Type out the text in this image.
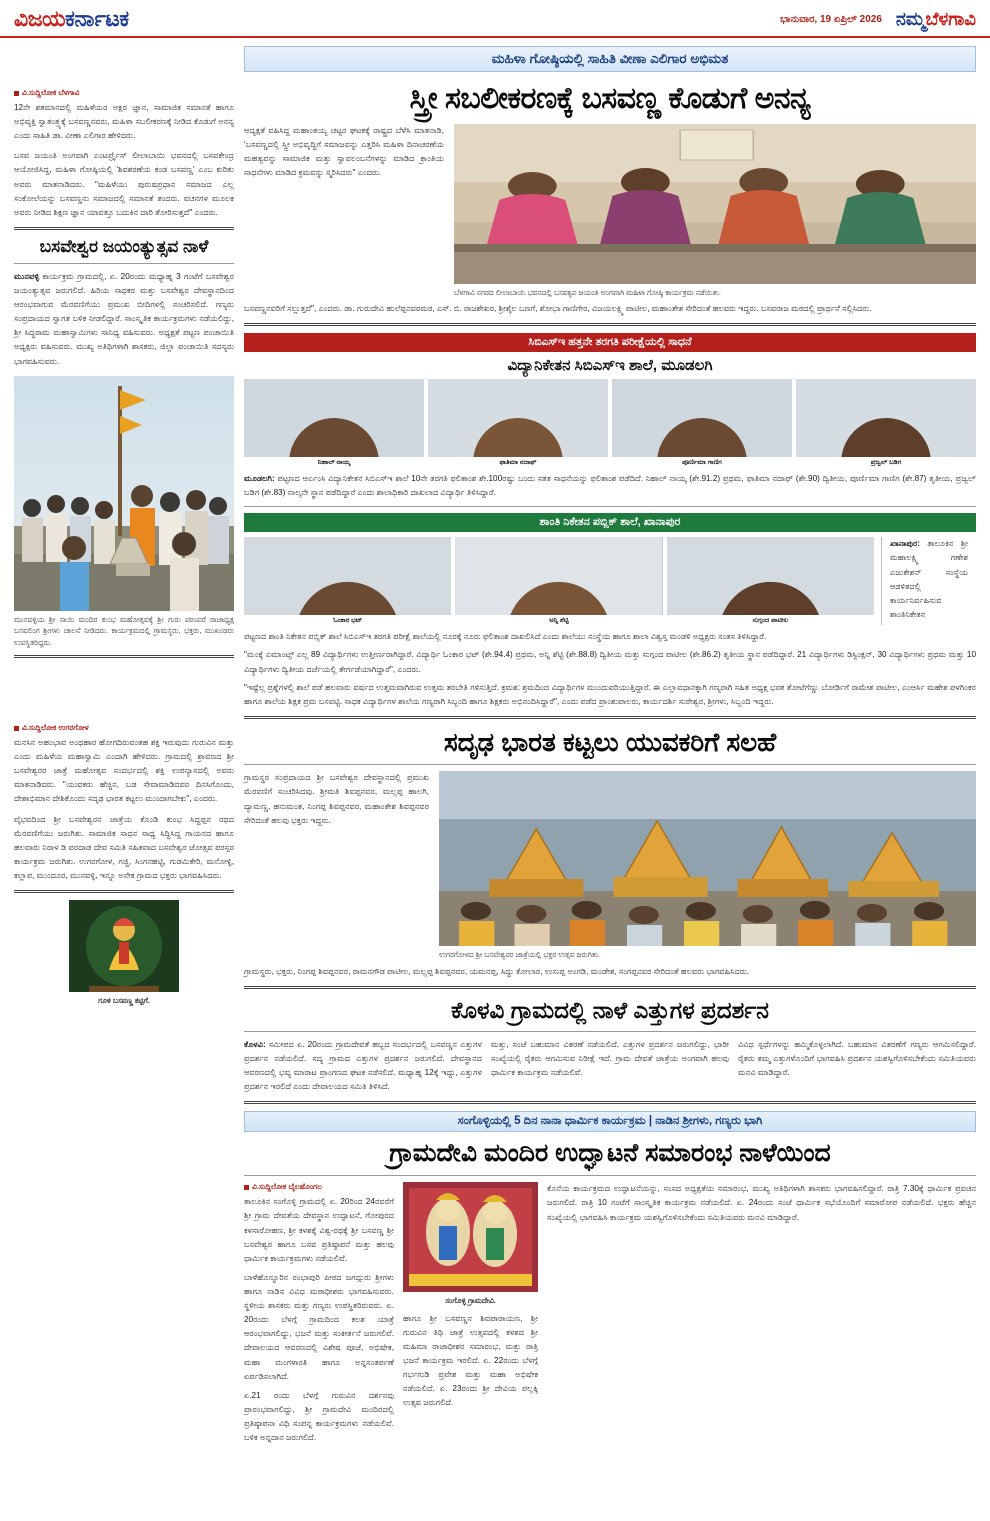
ವಿಜಯಕರ್ನಾಟಕ	ಭಾನುವಾರ, 19 ಏಪ್ರಿಲ್ 2026 ನಮ್ಮಬೆಳಗಾವಿ
ವಿ.ಸುದ್ದಿಲೋಕ ಬೆಳಗಾವಿ
12ನೇ ಶತಮಾನದಲ್ಲಿ ಮಹಿಳೆಯರ ಅಕ್ಷರ ಜ್ಞಾನ, ಸಾಮಾಜಿಕ ಸಮಾನತೆ ಹಾಗೂ ಅಭಿವ್ಯಕ್ತಿ ಸ್ವಾತಂತ್ರ್ಯಕ್ಕೆ ಬಸವಣ್ಣನವರು, ಮಹಿಳಾ ಸಬಲೀಕರಣಕ್ಕೆ ನೀಡಿದ ಕೊಡುಗೆ ಅನನ್ಯ ಎಂದು ಸಾಹಿತಿ ಡಾ. ವೀಣಾ ಎಲಿಗಾರ ಹೇಳಿದರು.
ಬಸವ ಜಯಂತಿ ಅಂಗವಾಗಿ ಎಂಟರ್ಪ್ರೈಸ್ ಲೀಲಾಬಾಯಿ ಭವನದಲ್ಲಿ ಬಸವಕೇಂದ್ರ ಆಯೋಜಿಸಿದ್ದ, ಮಹಿಳಾ ಗೋಷ್ಠಿಯಲ್ಲಿ 'ಶಿವಶರಣೆಯ ಕಂಡ ಬಸವಣ್ಣ' ಎಂಬ ಕುರಿತು ಅವರು ಮಾತನಾಡಿದರು. "ಮಹಿಳೆಯು ಪುರುಷಪ್ರಧಾನ ಸಮಾಜದ ಎಲ್ಲ ಸಂಕೋಲೆಯನ್ನು ಬಸವಣ್ಣನು ಸಮಾಜದಲ್ಲಿ ಸಮಾನತೆ ತಂದರು. ವಚನಗಳ ಮೂಲಕ ಅವರು ನೀಡಿದ ಶಿಕ್ಷಣ ಜ್ಞಾನ ಯಾವತ್ತೂ ಬದುಕಿನ ದಾರಿ ತೋರಿಸುತ್ತದೆ" ಎಂದರು.
ಬಸವೇಶ್ವರ ಜಯಂತ್ಯುತ್ಸವ ನಾಳೆ
ಮುನವಳ್ಳಿ ಕಾರ್ಯಕ್ರಮ ಗ್ರಾಮದಲ್ಲಿ, ಏ. 20ರಂದು ಮಧ್ಯಾಹ್ನ 3 ಗಂಟೆಗೆ ಬಸವೇಶ್ವರ ಜಯಂತ್ಯುತ್ಸವ ಜರುಗಲಿದೆ. ಹಿರಿಯ ಸಾಧಕರ ಮತ್ತು ಬಸವೇಶ್ವರ ದೇವಸ್ಥಾನದಿಂದ ಆರಂಭವಾಗುವ ಮೆರವಣಿಗೆಯು ಪ್ರಮುಖ ಬೀದಿಗಳಲ್ಲಿ ಸಂಚರಿಸಲಿದೆ. ಗಣ್ಯರು ಸಂಪ್ರದಾಯದ ಸ್ವಾಗತ ಬಳಿಕ ನೀಡಲಿದ್ದಾರೆ. ಸಾಂಸ್ಕೃತಿಕ ಕಾರ್ಯಕ್ರಮಗಳು ನಡೆಯಲಿದ್ದು, ಶ್ರೀ ಸಿದ್ಧರಾಮ ಮಹಾಸ್ವಾಮಿಗಳು ಸಾನಿಧ್ಯ ವಹಿಸುವರು. ಅಧ್ಯಕ್ಷತೆ ಪಟ್ಟಣ ಪಂಚಾಯಿತಿ ಅಧ್ಯಕ್ಷರು ವಹಿಸುವರು. ಮುಖ್ಯ ಅತಿಥಿಗಳಾಗಿ ಶಾಸಕರು, ಜಿಲ್ಲಾ ಪಂಚಾಯಿತಿ ಸದಸ್ಯರು ಭಾಗವಹಿಸುವರು.
ಮುನವಳ್ಳಿಯ ಶ್ರೀ ಸಾಯಿ ಮಂದಿರ ಕುಂಭ ಮಹೋತ್ಸವಕ್ಕೆ ಶ್ರೀ ಗುರು ಪರಂಪರೆ ರಾಜಾಧ್ಯಕ್ಷ ಬಸವಲಿಂಗ ಶ್ರೀಗಳು ಚಾಲನೆ ನೀಡಿದರು. ಕಾರ್ಯಕ್ರಮದಲ್ಲಿ ಗ್ರಾಮಸ್ಥರು, ಭಕ್ತರು, ಮುಖಂಡರು ಉಪಸ್ಥಿತರಿದ್ದರು.
ವಿ.ಸುದ್ದಿಲೋಕ ಉಗರಗೋಳ
ಮನಸಿನ ಅಹಂಭಾವ ಅಂಥಹಾರ ಹೋಗದಿರುವಂತಹ ಶಕ್ತಿ ಇರುವುದು ಗುರುವಿನ ಮತ್ತು ಎಂದು ಮಹಿಳೆಯ ಮಹಾಸ್ವಾಮಿ ಎಂದಾಗಿ ಹೇಳಿದರು. ಗ್ರಾಮದಲ್ಲಿ ಶ್ರಾವಣದ ಶ್ರೀ ಬಸವೇಶ್ವರರ ಜಾತ್ರೆ ಮಹೋತ್ಸವ ಸಂದರ್ಭದಲ್ಲಿ ಶಕ್ತಿ ಉಪನ್ಯಾಸದಲ್ಲಿ ಅವರು ಮಾತನಾಡಿದರು. "ಯುವಕರು ಹೆಚ್ಚಿನ, ಬಡ ಸೇವಾಮಾಡಿದವರ ದಿನಸಿಗೊಂದು, ದೇಶಾಭಿಮಾನ ದೇಶಿಕೊಂದು ಸದೃಢ ಭಾರತ ಕಟ್ಟಲು ಮುಂದಾಗಬೇಕು", ಎಂದರು.
ವೈಭವದಿಂದ ಶ್ರೀ ಬಸವೇಶ್ವರನ ಜಾತ್ರೆಯ ಕೊಂಡಿ ಕುಂಭ ಸಿದ್ಧಪ್ಪನ ರಥದ ಮೆರವಣಿಗೆಯು ಜರುಗಿತು. ಸಾಮಾಜಿಕ ಸಾಧನ ಸಾಧ್ಯ ಸಿದ್ಧಿಸಿದ್ದ ಗಾಯನದ ಹಾಗೂ ಹಲವಾರು ನಿರಾಳ ಡಿ ಪರದಾಡ ದೇವ ಸಮಿತಿ ಸಹಿತವಾದ ಬಸವೇಶ್ವರ ಜೋತ್ಸವ ಪರಸ್ಪರ ಕಾರ್ಯಕ್ರಮ ಜರುಗಿತು. ಉಗರಗೋಳ, ಗಜ್ಜಿ, ಸಿಂಗನಹಟ್ಟಿ, ಗುಡಮಿಕೇರಿ, ಮನೋಳ್ಳಿ, ಕಲ್ಲಾಪ, ಮುಂದೂರ, ಮುನವಳ್ಳಿ, ಇನ್ನೂ ಅನೇಕ ಗ್ರಾಮದ ಭಕ್ತರು ಭಾಗವಹಿಸಿದರು.
ಗೂಳಿ ಬಸವಣ್ಣ ಕಟ್ಟಿಗೆ.
ಮಹಿಳಾ ಗೋಷ್ಠಿಯಲ್ಲಿ ಸಾಹಿತಿ ವೀಣಾ ಎಲಿಗಾರ ಅಭಿಮತ
ಸ್ತ್ರೀ ಸಬಲೀಕರಣಕ್ಕೆ ಬಸವಣ್ಣ ಕೊಡುಗೆ ಅನನ್ಯ
ಆದ್ಯಕ್ಷತೆ ವಹಿಸಿದ್ದ ಮಹಾಂತಯ್ಯ ಚಟ್ಟರ ಘಟಕಕ್ಕೆ ರಾಷ್ಟ್ರದ ಬೆಳೆಸಿ ಮಾತನಾಡಿ, 'ಬಸವಣ್ಣದಲ್ಲಿ ಸ್ತ್ರೀ ಅಭಿವೃದ್ಧಿಗೆ ಸಮಾಜವನ್ನು ಎತ್ತರಿಸಿ ಮಹಿಳಾ ದಿನಾಚರಣೆಯ ಮಹತ್ವವನ್ನು ಸಾಮಾಜಿಕ ಮತ್ತು ಸ್ವಾವಲಂಬನೆಗಳನ್ನು ಮಾಡಿದ ಕ್ರಾಂತಿಯ ಸಾಧನೆಗಳು ಮಾಡಿದ ಕ್ರಮವನ್ನು ಸ್ಮರಿಸಿದರು" ಎಂದರು.
ಬೆಳಗಾವಿ ನಗರದ ಲೀಲಾಬಾಯಿ ಭವನದಲ್ಲಿ ಬಸವಕೃಪ ಜಯಂತಿ ಅಂಗವಾಗಿ ಮಹಿಳಾ ಗೋಷ್ಠಿ ಕಾರ್ಯಕ್ರಮ ನಡೆಯಿತು.
ಬಸವಣ್ಣನವರಿಗೆ ಸಲ್ಲುತ್ತದೆ", ಎಂದರು. ಡಾ. ಗುರುದೇವಿ ಹುಲೆಪ್ಪನವರಮಠ, ಎಸ್. ಬಿ. ರಾಜಶೇಖರ, ಶ್ರೀಶೈಲ ಬಣಗೆ, ಶೋಭಾ ಗಾಣಿಗೇರ, ವಿಜಯಲಕ್ಷ್ಮಿ ಪಾಟೀಲ, ಮಹಾಂತೇಶ ಸೇರಿದಂತೆ ಹಲವರು ಇದ್ದರು. ಬಸವರಾಜ ಮಠದಲ್ಲಿ ಪ್ರಾರ್ಥನೆ ಸಲ್ಲಿಸಿದರು.
ಸಿಬಿಎಸ್ಇ ಹತ್ತನೇ ತರಗತಿ ಪರೀಕ್ಷೆಯಲ್ಲಿ ಸಾಧನೆ
ವಿದ್ಯಾನಿಕೇತನ ಸಿಬಿಎಸ್ಇ ಶಾಲೆ, ಮೂಡಲಗಿ
ನಿಹಾಲ್ ನಾಯ್ಕ	ಫಾತಿಮಾ ನದಾಫ್	ಪೂರ್ಣಿಮಾ ಗಾಣಿಗ	ಪ್ರಜ್ವಲ್ ಬಡಿಗ
ಮೂಡಲಗಿ: ಪಟ್ಟಣದ ಆರ್ಎಂಸಿ ವಿದ್ಯಾನಿಕೇತನ ಸಿಬಿಎಸ್ಇ ಶಾಲೆ 10ನೇ ತರಗತಿ ಫಲಿತಾಂಶ ಶೇ.100ರಷ್ಟು ಬಂದು ಸತತ ಸಾಧನೆಯನ್ನು ಫಲಿತಾಂಶ ಪಡೆದಿದೆ. ನಿಹಾಲ್ ನಾಯ್ಕ (ಶೇ.91.2) ಪ್ರಥಮ, ಫಾತಿಮಾ ನದಾಫ್ (ಶೇ.90) ದ್ವಿತೀಯ, ಪೂರ್ಣಿಮಾ ಗಾಣಿಗ (ಶೇ.87) ತೃತೀಯ, ಪ್ರಜ್ವಲ್ ಬಡಿಗ (ಶೇ.83) ನಾಲ್ಕನೇ ಸ್ಥಾನ ಪಡೆದಿದ್ದಾರೆ ಎಂದು ಶಾಲಾಧಿಕಾರಿ ದಾಖಲಾದ ವಿದ್ಯಾರ್ಥಿ ತಿಳಿಸಿದ್ದಾರೆ.
ಶಾಂತಿ ನಿಕೇತನ ಪಬ್ಲಿಕ್ ಶಾಲೆ, ಖಾನಾಪುರ
ಓಂಕಾರ ಭಟ್	ಅನ್ನಿ ಶೆಟ್ಟಿ	ಸುಗ್ಗಂದ ಪಾಟೀಲ
ಖಾನಾಪುರ: ತಾಲೂಕಿನ ಶ್ರೀ ಮಹಾಲಕ್ಷ್ಮಿ ಗಣೇಶ ಎಜುಕೇಶನ್ ಸಂಸ್ಥೆಯ ಆಡಳಿತದಲ್ಲಿ ಕಾರ್ಯನಿರ್ವಹಿಸುವ ಶಾಂತಿನಿಕೇತನ
ಪಟ್ಟಣದ ಶಾಂತಿ ನಿಕೇತನ ಪಬ್ಲಿಕ್ ಶಾಲೆ ಸಿಬಿಎಸ್ಇ ತರಗತಿ ಪರೀಕ್ಷೆ ಶಾಲೆಯಲ್ಲಿ ನೂರಕ್ಕೆ ನೂರು ಫಲಿತಾಂಶ ದಾಖಲಿಸಿದೆ ಎಂದು ಶಾಲೆಯು ಸಂಸ್ಥೆಯ ಹಾಗೂ ಶಾಲಾ ವಿಶ್ವಸ್ತ ಮಂಡಳಿ ಅಧ್ಯಕ್ಷರು ಸಂತಸ ತಿಳಿಸಿದ್ದಾರೆ.
"ಮಂಕ್ಕೆ ಎಮಾಂಟ್ಸ್ ಎಲ್ಲ 89 ವಿದ್ಯಾರ್ಥಿಗಳು ಉತ್ತೀರ್ಣರಾಗಿದ್ದಾರೆ. ವಿದ್ಯಾರ್ಥಿ ಓಂಕಾರ ಭಟ್ (ಶೇ.94.4) ಪ್ರಥಮ, ಅನ್ನಿ ಶೆಟ್ಟಿ (ಶೇ.88.8) ದ್ವಿತೀಯ ಮತ್ತು ಸುಗ್ಗಂದ ಪಾಟೀಲ (ಶೇ.86.2) ತೃತೀಯ ಸ್ಥಾನ ಪಡೆದಿದ್ದಾರೆ. 21 ವಿದ್ಯಾರ್ಥಿಗಳು ಡಿಸ್ಟಿಂಕ್ಷನ್, 30 ವಿದ್ಯಾರ್ಥಿಗಳು ಪ್ರಥಮ ಮತ್ತು 10 ವಿದ್ಯಾರ್ಥಿಗಳು ದ್ವಿತೀಯ ದರ್ಜೆಯಲ್ಲಿ ತೇರ್ಗಡೆಯಾಗಿದ್ದಾರೆ", ಎಂದರು.
"ಇಷ್ಟೆಲ್ಲ ಪ್ರಶ್ನೆಗಳಲ್ಲಿ ಶಾಲೆ ಪಡೆ ಹಲವಾರು ವರ್ಷದ ಉತ್ತಮವಾಗಿರುವ ಉತ್ತಮ ತರಬೇತಿ ಗಳಿಸುತ್ತಿದೆ. ಕ್ರಮಶ: ಶ್ರಮದಿಂದ ವಿದ್ಯಾರ್ಥಿಗಳ ಮುಂದುವರಿಯುತ್ತಿದ್ದಾರೆ. ಈ ಎಲ್ಲಾವಧಾನಕ್ಕಾಗಿ ಗಣ್ಯರಾಗಿ ಸಹಿತ ಅಧ್ಯಕ್ಷ ಭರತ ತೋಟೆಗೆಣ್ಣು ಬೋರ್ಡಿಗೆ ರಾಮೇಶ ಪಾಟೀಲ, ಎಂಆರ್ಸಿ ಮಹೇಶ ಪಳಗಿಂಕರ ಹಾಗೂ ಶಾಲೆಯ ಶಿಕ್ಷಕ ಪ್ರಮ ಬಸವಟ್ಟಿ. ಸಾಧಕ ವಿದ್ಯಾರ್ಥಿಗಳ ಶಾಲೆಯ ಗಣ್ಯರಾಗಿ ಸಿಬ್ಬಂದಿ ಹಾಗೂ ಶಿಕ್ಷಕರು ಅಭಿನಂದಿಸಿದ್ದಾರೆ", ಎಂದು ಪಡೆದ ಪ್ರಾಂಶುಪಾಲರು, ಕಾರ್ಯದರ್ಶಿ ಸುರೇಶ್ವರ, ಶ್ರೀಗಳು, ಸಿಬ್ಬಂದಿ ಇದ್ದರು.
ಸದೃಢ ಭಾರತ ಕಟ್ಟಲು ಯುವಕರಿಗೆ ಸಲಹೆ
ಗ್ರಾಮಸ್ಥರ ಸಂಪ್ರದಾಯದ ಶ್ರೀ ಬಸವೇಶ್ವರ ದೇವಸ್ಥಾನದಲ್ಲಿ ಪ್ರಮುಖ ಮೆರವಣಿಗೆ ಸಂಚರಿಸಿದವು. ಶ್ರೀಮತಿ ಶಿವಪ್ಪನವರ, ಮಲ್ಲಪ್ಪ ಹಾಲಗಿ, ದ್ಯಾಮಣ್ಣ, ಹನುಮಂತ, ನಿಂಗಪ್ಪ ಶಿವಪ್ಪನವರ, ಮಹಾಂತೇಶ ಶಿವಪ್ಪನವರ ಸೇರಿದಂತೆ ಹಲವು ಭಕ್ತರು ಇದ್ದರು.
ಉಗರಗೋಳದ ಶ್ರೀ ಬಸವೇಶ್ವರರ ಜಾತ್ರೆಯಲ್ಲಿ ಭಕ್ತರ ಉತ್ಸವ ಜರುಗಿತು.
ಗ್ರಾಮಸ್ಥರು, ಭಕ್ತರು, ನಿಂಗಪ್ಪ ಶಿವಪ್ಪನವರ, ರಾಮನಗೌಡ ಪಾಟೀಲ, ಮಲ್ಲಪ್ಪ ಶಿವಪ್ಪನವರ, ಯಮನಪ್ಪ, ಸಿದ್ಧು ಕೋಲಾರ, ಉಸುಪ್ಪ ಅಂಗಡಿ, ಮಂಡೇಶ, ಸಂಗಪ್ಪನವರ ಸೇರಿದಂತೆ ಹಲವರು ಭಾಗವಹಿಸಿದರು.
ಕೊಳವಿ ಗ್ರಾಮದಲ್ಲಿ ನಾಳೆ ಎತ್ತುಗಳ ಪ್ರದರ್ಶನ
ಕೊಳವಿ: ಸಮೀಪದ ಏ. 20ರಂದು ಗ್ರಾಮದೇವತೆ ಹಬ್ಬದ ಸಂದರ್ಭದಲ್ಲಿ ಬಸವಣ್ಣನ ಎತ್ತುಗಳ ಪ್ರದರ್ಶನ ನಡೆಯಲಿದೆ. ಸದ್ಯ ಗ್ರಾಮದ ಎತ್ತುಗಳ ಪ್ರದರ್ಶನ ಜರುಗಲಿದೆ. ದೇವಸ್ಥಾನದ ಆವರಣದಲ್ಲಿ ಭವ್ಯ ಮಾರಾಟ ಪ್ರಾಂಗಣದ ಘಟಕ ನಡೆಸಲಿದೆ. ಮಧ್ಯಾಹ್ನ 12ಕ್ಕೆ ಇದ್ದು, ಎತ್ತುಗಳ ಪ್ರದರ್ಶನ ಇರಲಿದೆ ಎಂದು ದೇವಾಲಯದ ಸಮಿತಿ ತಿಳಿಸಿದೆ.
ಮತ್ತು, ಸಂಜೆ ಬಹುಮಾನ ವಿತರಣೆ ನಡೆಯಲಿದೆ. ಎತ್ತುಗಳ ಪ್ರದರ್ಶನ ಜರುಗಲಿದ್ದು, ಭಾರೀ ಸಂಖ್ಯೆಯಲ್ಲಿ ರೈತರು ಆಗಮಿಸುವ ನಿರೀಕ್ಷೆ ಇದೆ. ಗ್ರಾಮ ದೇವತೆ ಜಾತ್ರೆಯ ಅಂಗವಾಗಿ ಹಲವು ಧಾರ್ಮಿಕ ಕಾರ್ಯಕ್ರಮ ನಡೆಯಲಿವೆ.
ವಿವಿಧ ಸ್ಪರ್ಧೆಗಳನ್ನು ಹಮ್ಮಿಕೊಳ್ಳಲಾಗಿದೆ. ಬಹುಮಾನ ವಿತರಣೆಗೆ ಗಣ್ಯರು ಆಗಮಿಸಲಿದ್ದಾರೆ. ರೈತರು ತಮ್ಮ ಎತ್ತುಗಳೊಂದಿಗೆ ಭಾಗವಹಿಸಿ ಪ್ರದರ್ಶನ ಯಶಸ್ವಿಗೊಳಿಸಬೇಕೆಂದು ಸಮಿತಿಯವರು ಮನವಿ ಮಾಡಿದ್ದಾರೆ.
ಸಂಗೊಳ್ಳಿಯಲ್ಲಿ 5 ದಿನ ನಾನಾ ಧಾರ್ಮಿಕ ಕಾರ್ಯಕ್ರಮ | ನಾಡಿನ ಶ್ರೀಗಳು, ಗಣ್ಯರು ಭಾಗಿ
ಗ್ರಾಮದೇವಿ ಮಂದಿರ ಉದ್ಘಾಟನೆ ಸಮಾರಂಭ ನಾಳೆಯಿಂದ
ವಿ.ಸುದ್ದಿಲೋಕ ಬೈಲಹೊಂಗಲ
ತಾಲೂಕಿನ ಸಂಗೊಳ್ಳಿ ಗ್ರಾಮದಲ್ಲಿ ಏ. 20ರಿಂದ 24ರವರೆಗೆ ಶ್ರೀ ಗ್ರಾಮ ದೇವತೆಯ ದೇವಸ್ಥಾನ ಉದ್ಘಾಟನೆ, ಗೋಪುರದ ಕಳಸಾರೋಹಣ, ಶ್ರೀ ಕಳಶಕ್ಕೆ ವಿಶ್ವ-ರಥಕ್ಕೆ ಶ್ರೀ ಬಸವಣ್ಣ ಶ್ರೀ ಬಸವೇಶ್ವರ ಹಾಗೂ ಬಸವ ಪ್ರತಿಷ್ಠಾಪನೆ ಮತ್ತು ಹಲವು ಧಾರ್ಮಿಕ ಕಾರ್ಯಕ್ರಮಗಳು ನಡೆಯಲಿವೆ.
ಬಾಳೆಹೊನ್ನೂರಿನ ರಂಭಾಪುರಿ ಪೀಠದ ಜಗದ್ಗುರು ಶ್ರೀಗಳು ಹಾಗೂ ನಾಡಿನ ವಿವಿಧ ಮಠಾಧೀಶರು ಭಾಗವಹಿಸುವರು. ಸ್ಥಳೀಯ ಶಾಸಕರು ಮತ್ತು ಗಣ್ಯರು ಉಪಸ್ಥಿತರಿರುವರು. ಏ. 20ರಂದು ಬೆಳಗ್ಗೆ ಗ್ರಾಮದಿಂದ ಕಲಶ ಯಾತ್ರೆ ಆರಂಭವಾಗಲಿದ್ದು, ಭಜನೆ ಮತ್ತು ಸಂಕೀರ್ತನೆ ಜರುಗಲಿವೆ. ದೇವಾಲಯದ ಆವರಣದಲ್ಲಿ ವಿಶೇಷ ಪೂಜೆ, ಅಭಿಷೇಕ, ಮಹಾ ಮಂಗಳಾರತಿ ಹಾಗೂ ಅನ್ನಸಂತರ್ಪಣೆ ಏರ್ಪಡಿಸಲಾಗಿದೆ.
ಏ.21 ರಂದು ಬೆಳಗ್ಗೆ ಗುರುವಿನ ದರ್ಶನವು ಪ್ರಾರಂಭವಾಗಲಿದ್ದು, ಶ್ರೀ ಗ್ರಾಮದೇವಿ ಮಂದಿರದಲ್ಲಿ ಪ್ರತಿಷ್ಠಾಪನಾ ವಿಧಿ ಸಂಪನ್ನ ಕಾರ್ಯಕ್ರಮಗಳು ನಡೆಯಲಿವೆ. ಬಳಿಕ ಅನ್ನದಾನ ಜರುಗಲಿದೆ.
ಸಂಗೊಳ್ಳಿ ಗ್ರಾಮದೇವಿ.
ಹಾಗೂ ಶ್ರೀ ಬಸವಣ್ಣನ ಶಿವಪಾರಾಯಣ, ಶ್ರೀ ಗುರುವಿನ ತಿಥಿ ಜಾತ್ರೆ ಉತ್ಸವದಲ್ಲಿ ಕಳಶದ ಶ್ರೀ ಮಹಿಮಾ ರಾಜಾಧೀಶರ ಸಮಾರಂಭ, ಮತ್ತು ರಾತ್ರಿ ಭಜನೆ ಕಾರ್ಯಕ್ರಮ ಇರಲಿದೆ. ಏ. 22ರಂದು ಬೆಳಗ್ಗೆ ಗರ್ಭಗುಡಿ ಪ್ರವೇಶ ಮತ್ತು ಮಹಾ ಅಭಿಷೇಕ ನಡೆಯಲಿದೆ. ಏ. 23ರಂದು ಶ್ರೀ ದೇವಿಯ ಪಲ್ಲಕ್ಕಿ ಉತ್ಸವ ಜರುಗಲಿದೆ.
ಕೊನೆಯ ಕಾರ್ಯಕ್ರಮದ ಉದ್ಘಾಟನೆಯನ್ನು, ಸಂಸದ ಅಧ್ಯಕ್ಷತೆಯ ಸಮಾರಂಭ, ಮುಖ್ಯ ಅತಿಥಿಗಳಾಗಿ ಶಾಸಕರು ಭಾಗವಹಿಸಲಿದ್ದಾರೆ. ರಾತ್ರಿ 7.30ಕ್ಕೆ ಧಾರ್ಮಿಕ ಪ್ರವಚನ ಜರುಗಲಿದೆ. ರಾತ್ರಿ 10 ಗಂಟೆಗೆ ಸಾಂಸ್ಕೃತಿಕ ಕಾರ್ಯಕ್ರಮ ನಡೆಯಲಿದೆ. ಏ. 24ರಂದು ಸಂಜೆ ಧಾರ್ಮಿಕ ಸಭೆಯೊಂದಿಗೆ ಸಮಾರೋಪ ನಡೆಯಲಿದೆ. ಭಕ್ತರು ಹೆಚ್ಚಿನ ಸಂಖ್ಯೆಯಲ್ಲಿ ಭಾಗವಹಿಸಿ ಕಾರ್ಯಕ್ರಮ ಯಶಸ್ವಿಗೊಳಿಸಬೇಕೆಂದು ಸಮಿತಿಯವರು ಮನವಿ ಮಾಡಿದ್ದಾರೆ.
